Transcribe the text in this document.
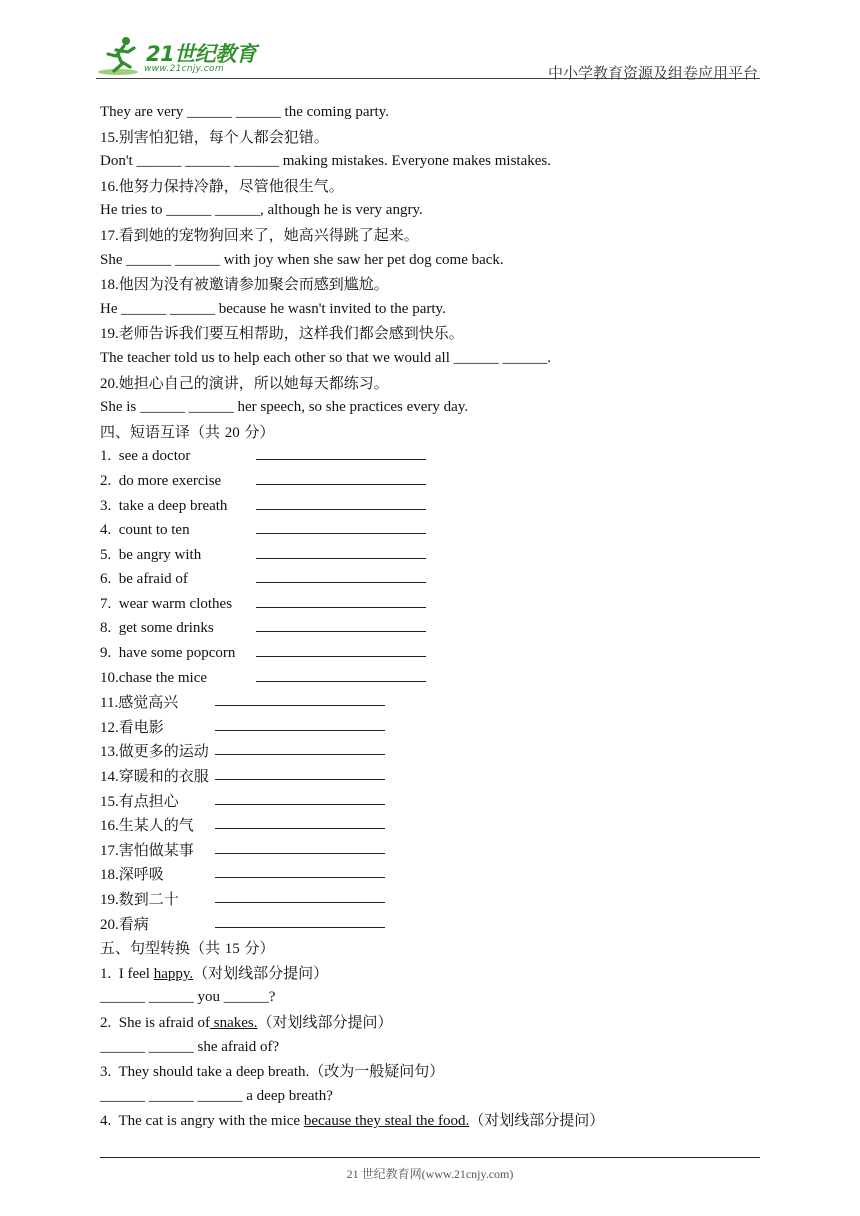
21世纪教育
www.21cnjy.com	中小学教育资源及组卷应用平台
They are very ______ ______ the coming party.
15.别害怕犯错，每个人都会犯错。
Don't ______ ______ ______ making mistakes. Everyone makes mistakes.
16.他努力保持冷静，尽管他很生气。
He tries to ______ ______, although he is very angry.
17.看到她的宠物狗回来了，她高兴得跳了起来。
She ______ ______ with joy when she saw her pet dog come back.
18.他因为没有被邀请参加聚会而感到尴尬。
He ______ ______ because he wasn't invited to the party.
19.老师告诉我们要互相帮助，这样我们都会感到快乐。
The teacher told us to help each other so that we would all ______ ______.
20.她担心自己的演讲，所以她每天都练习。
She is ______ ______ her speech, so she practices every day.
四、短语互译（共 20 分）
1. see a doctor
2. do more exercise
3. take a deep breath
4. count to ten
5. be angry with
6. be afraid of
7. wear warm clothes
8. get some drinks
9. have some popcorn
10.chase the mice
11.感觉高兴
12.看电影
13.做更多的运动
14.穿暖和的衣服
15.有点担心
16.生某人的气
17.害怕做某事
18.深呼吸
19.数到二十
20.看病
五、句型转换（共 15 分）
1.  I feel happy.（对划线部分提问）
______ ______ you ______?
2.  She is afraid of snakes.（对划线部分提问）
______ ______ she afraid of?
3.  They should take a deep breath.（改为一般疑问句）
______ ______ ______ a deep breath?
4.  The cat is angry with the mice because they steal the food.（对划线部分提问）
21 世纪教育网(www.21cnjy.com)
